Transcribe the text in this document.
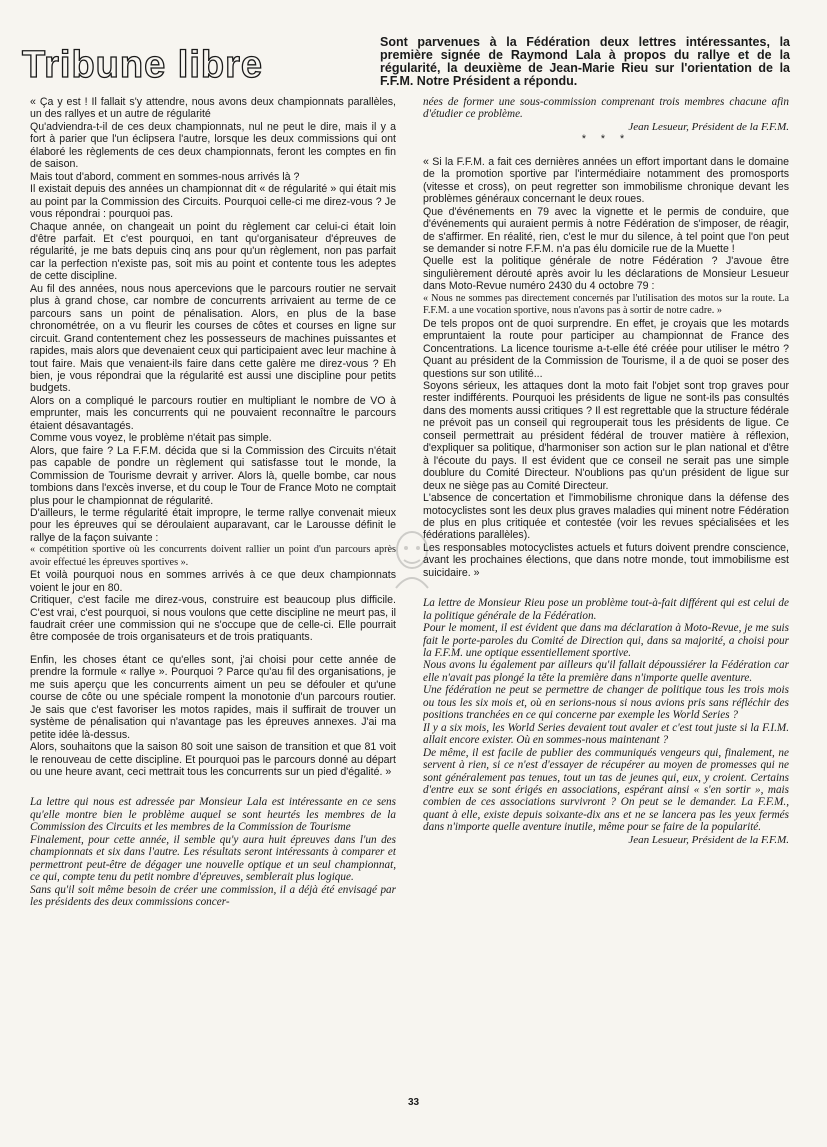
Tribune libre
Sont parvenues à la Fédération deux lettres intéressantes, la première signée de Raymond Lala à propos du rallye et de la régularité, la deuxième de Jean-Marie Rieu sur l'orientation de la F.F.M. Notre Président a répondu.

« Ça y est ! Il fallait s'y attendre, nous avons deux championnats parallèles, un des rallyes et un autre de régularité

Qu'adviendra-t-il de ces deux championnats, nul ne peut le dire, mais il y a fort à parier que l'un éclipsera l'autre, lorsque les deux commissions qui ont élaboré les règlements de ces deux championnats, feront les comptes en fin de saison.

Mais tout d'abord, comment en sommes-nous arrivés là ?

Il existait depuis des années un championnat dit « de régularité » qui était mis au point par la Commission des Circuits. Pourquoi celle-ci me direz-vous ? Je vous répondrai : pourquoi pas.

Chaque année, on changeait un point du règlement car celui-ci était loin d'être parfait. Et c'est pourquoi, en tant qu'organisateur d'épreuves de régularité, je me bats depuis cinq ans pour qu'un règlement, non pas parfait car la perfection n'existe pas, soit mis au point et contente tous les adeptes de cette discipline.

Au fil des années, nous nous apercevions que le parcours routier ne servait plus à grand chose, car nombre de concurrents arrivaient au terme de ce parcours sans un point de pénalisation. Alors, en plus de la base chronométrée, on a vu fleurir les courses de côtes et courses en ligne sur circuit. Grand contentement chez les possesseurs de machines puissantes et rapides, mais alors que devenaient ceux qui participaient avec leur machine à tout faire. Mais que venaient-ils faire dans cette galère me direz-vous ? Eh bien, je vous répondrai que la régularité est aussi une discipline pour petits budgets.

Alors on a compliqué le parcours routier en multipliant le nombre de VO à emprunter, mais les concurrents qui ne pouvaient reconnaître le parcours étaient désavantagés.

Comme vous voyez, le problème n'était pas simple.

Alors, que faire ? La F.F.M. décida que si la Commission des Circuits n'était pas capable de pondre un règlement qui satisfasse tout le monde, la Commission de Tourisme devrait y arriver. Alors là, quelle bombe, car nous tombions dans l'excès inverse, et du coup le Tour de France Moto ne comptait plus pour le championnat de régularité.

D'ailleurs, le terme régularité était impropre, le terme rallye convenait mieux pour les épreuves qui se déroulaient auparavant, car le Larousse définit le rallye de la façon suivante :

« compétition sportive où les concurrents doivent rallier un point d'un parcours après avoir effectué les épreuves sportives ».

Et voilà pourquoi nous en sommes arrivés à ce que deux championnats voient le jour en 80.

Critiquer, c'est facile me direz-vous, construire est beaucoup plus difficile. C'est vrai, c'est pourquoi, si nous voulons que cette discipline ne meurt pas, il faudrait créer une commission qui ne s'occupe que de celle-ci. Elle pourrait être composée de trois organisateurs et de trois pratiquants.

Enfin, les choses étant ce qu'elles sont, j'ai choisi pour cette année de prendre la formule « rallye ». Pourquoi ? Parce qu'au fil des organisations, je me suis aperçu que les concurrents aiment un peu se défouler et qu'une course de côte ou une spéciale rompent la monotonie d'un parcours routier. Je sais que c'est favoriser les motos rapides, mais il suffirait de trouver un système de pénalisation qui n'avantage pas les épreuves annexes. J'ai ma petite idée là-dessus.

Alors, souhaitons que la saison 80 soit une saison de transition et que 81 voit le renouveau de cette discipline. Et pourquoi pas le parcours donné au départ ou une heure avant, ceci mettrait tous les concurrents sur un pied d'égalité. »

La lettre qui nous est adressée par Monsieur Lala est intéressante en ce sens qu'elle montre bien le problème auquel se sont heurtés les membres de la Commission des Circuits et les membres de la Commission de Tourisme

Finalement, pour cette année, il semble qu'y aura huit épreuves dans l'un des championnats et six dans l'autre. Les résultats seront intéressants à comparer et permettront peut-être de dégager une nouvelle optique et un seul championnat, ce qui, compte tenu du petit nombre d'épreuves, semblerait plus logique.

Sans qu'il soit même besoin de créer une commission, il a déjà été envisagé par les présidents des deux commissions concer-

nées de former une sous-commission comprenant trois membres chacune afin d'étudier ce problème.

Jean Lesueur, Président de la F.F.M.

* * *

« Si la F.F.M. a fait ces dernières années un effort important dans le domaine de la promotion sportive par l'intermédiaire notamment des promosports (vitesse et cross), on peut regretter son immobilisme chronique devant les problèmes généraux concernant le deux roues.

Que d'événements en 79 avec la vignette et le permis de conduire, que d'événements qui auraient permis à notre Fédération de s'imposer, de réagir, de s'affirmer. En réalité, rien, c'est le mur du silence, à tel point que l'on peut se demander si notre F.F.M. n'a pas élu domicile rue de la Muette !

Quelle est la politique générale de notre Fédération ? J'avoue être singulièrement dérouté après avoir lu les déclarations de Monsieur Lesueur dans Moto-Revue numéro 2430 du 4 octobre 79 :

« Nous ne sommes pas directement concernés par l'utilisation des motos sur la route. La F.F.M. a une vocation sportive, nous n'avons pas à sortir de notre cadre. »

De tels propos ont de quoi surprendre. En effet, je croyais que les motards empruntaient la route pour participer au championnat de France des Concentrations. La licence tourisme a-t-elle été créée pour utiliser le métro ? Quant au président de la Commission de Tourisme, il a de quoi se poser des questions sur son utilité...

Soyons sérieux, les attaques dont la moto fait l'objet sont trop graves pour rester indifférents. Pourquoi les présidents de ligue ne sont-ils pas consultés dans des moments aussi critiques ? Il est regrettable que la structure fédérale ne prévoit pas un conseil qui regrouperait tous les présidents de ligue. Ce conseil permettrait au président fédéral de trouver matière à réflexion, d'expliquer sa politique, d'harmoniser son action sur le plan national et d'être à l'écoute du pays. Il est évident que ce conseil ne serait pas une simple doublure du Comité Directeur. N'oublions pas qu'un président de ligue sur deux ne siège pas au Comité Directeur.

L'absence de concertation et l'immobilisme chronique dans la défense des motocyclistes sont les deux plus graves maladies qui minent notre Fédération de plus en plus critiquée et contestée (voir les revues spécialisées et les fédérations parallèles).

Les responsables motocyclistes actuels et futurs doivent prendre conscience, avant les prochaines élections, que dans notre monde, tout immobilisme est suicidaire. »

La lettre de Monsieur Rieu pose un problème tout-à-fait différent qui est celui de la politique générale de la Fédération.

Pour le moment, il est évident que dans ma déclaration à Moto-Revue, je me suis fait le porte-paroles du Comité de Direction qui, dans sa majorité, a choisi pour la F.F.M. une optique essentiellement sportive.

Nous avons lu également par ailleurs qu'il fallait dépoussiérer la Fédération car elle n'avait pas plongé la tête la première dans n'importe quelle aventure.

Une fédération ne peut se permettre de changer de politique tous les trois mois ou tous les six mois et, où en serions-nous si nous avions pris sans réfléchir des positions tranchées en ce qui concerne par exemple les World Series ?

Il y a six mois, les World Series devaient tout avaler et c'est tout juste si la F.I.M. allait encore exister. Où en sommes-nous maintenant ?

De même, il est facile de publier des communiqués vengeurs qui, finalement, ne servent à rien, si ce n'est d'essayer de récupérer au moyen de promesses qui ne sont généralement pas tenues, tout un tas de jeunes qui, eux, y croient. Certains d'entre eux se sont érigés en associations, espérant ainsi « s'en sortir », mais combien de ces associations survivront ? On peut se le demander. La F.F.M., quant à elle, existe depuis soixante-dix ans et ne se lancera pas les yeux fermés dans n'importe quelle aventure inutile, même pour se faire de la popularité.

Jean Lesueur, Président de la F.F.M.

33
